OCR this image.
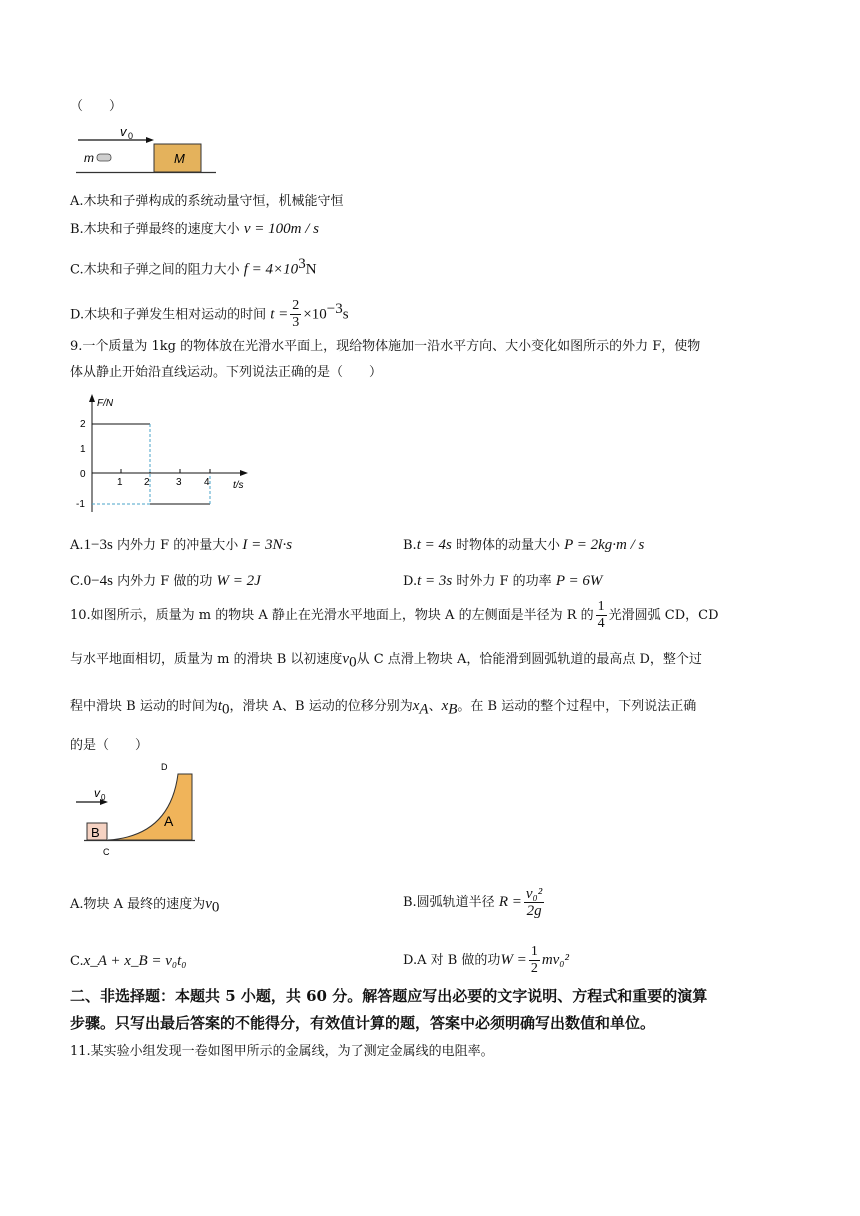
（　　）
v 0
m	M
A.木块和子弹构成的系统动量守恒，机械能守恒
B.木块和子弹最终的速度大小 v = 100m / s
C.木块和子弹之间的阻力大小 $f = 4\times 10^3N$
D.木块和子弹发生相对运动的时间 $t = \frac{2}{3} \times 10^{-3}s$
9.一个质量为 1kg 的物体放在光滑水平面上，现给物体施加一沿水平方向、大小变化如图所示的外力 F，使物
体从静止开始沿直线运动。下列说法正确的是（　　）
F/N
t/s
2
1
0
-1
1 2	3 4
A.1−3s 内外力 F 的冲量大小 I = 3N·s	B.t = 4s 时物体的动量大小 P = 2kg·m / s
C.0−4s 内外力 F 做的功 W = 2J	D.t = 3s 时外力 F 的功率 P = 6W
10.如图所示，质量为 m 的物块 A 静止在光滑水平地面上，物块 A 的左侧面是半径为 R 的 $\frac{1}{4}$ 光滑圆弧 CD，CD
与水平地面相切，质量为 m 的滑块 B 以初速度$v_0$从 C 点滑上物块 A，恰能滑到圆弧轨道的最高点 D，整个过
程中滑块 B 运动的时间为$t_0$，滑块 A、B 运动的位移分别为$x_A$、$x_B$。在 B 运动的整个过程中，下列说法正确
的是（　　）
v 0
D
A
B
C
A.物块 A 最终的速度为$v_0$	B.圆弧轨道半径 $R = \frac{\text{v₀²}}{2g}$
C.x_A + x_B = v₀t₀	D.A 对 B 做的功$W = \frac{1}{2} mv_0^2$
二、非选择题：本题共 5 小题，共 60 分。解答题应写出必要的文字说明、方程式和重要的演算
步骤。只写出最后答案的不能得分，有效值计算的题，答案中必须明确写出数值和单位。
11.某实验小组发现一卷如图甲所示的金属线，为了测定金属线的电阻率。
